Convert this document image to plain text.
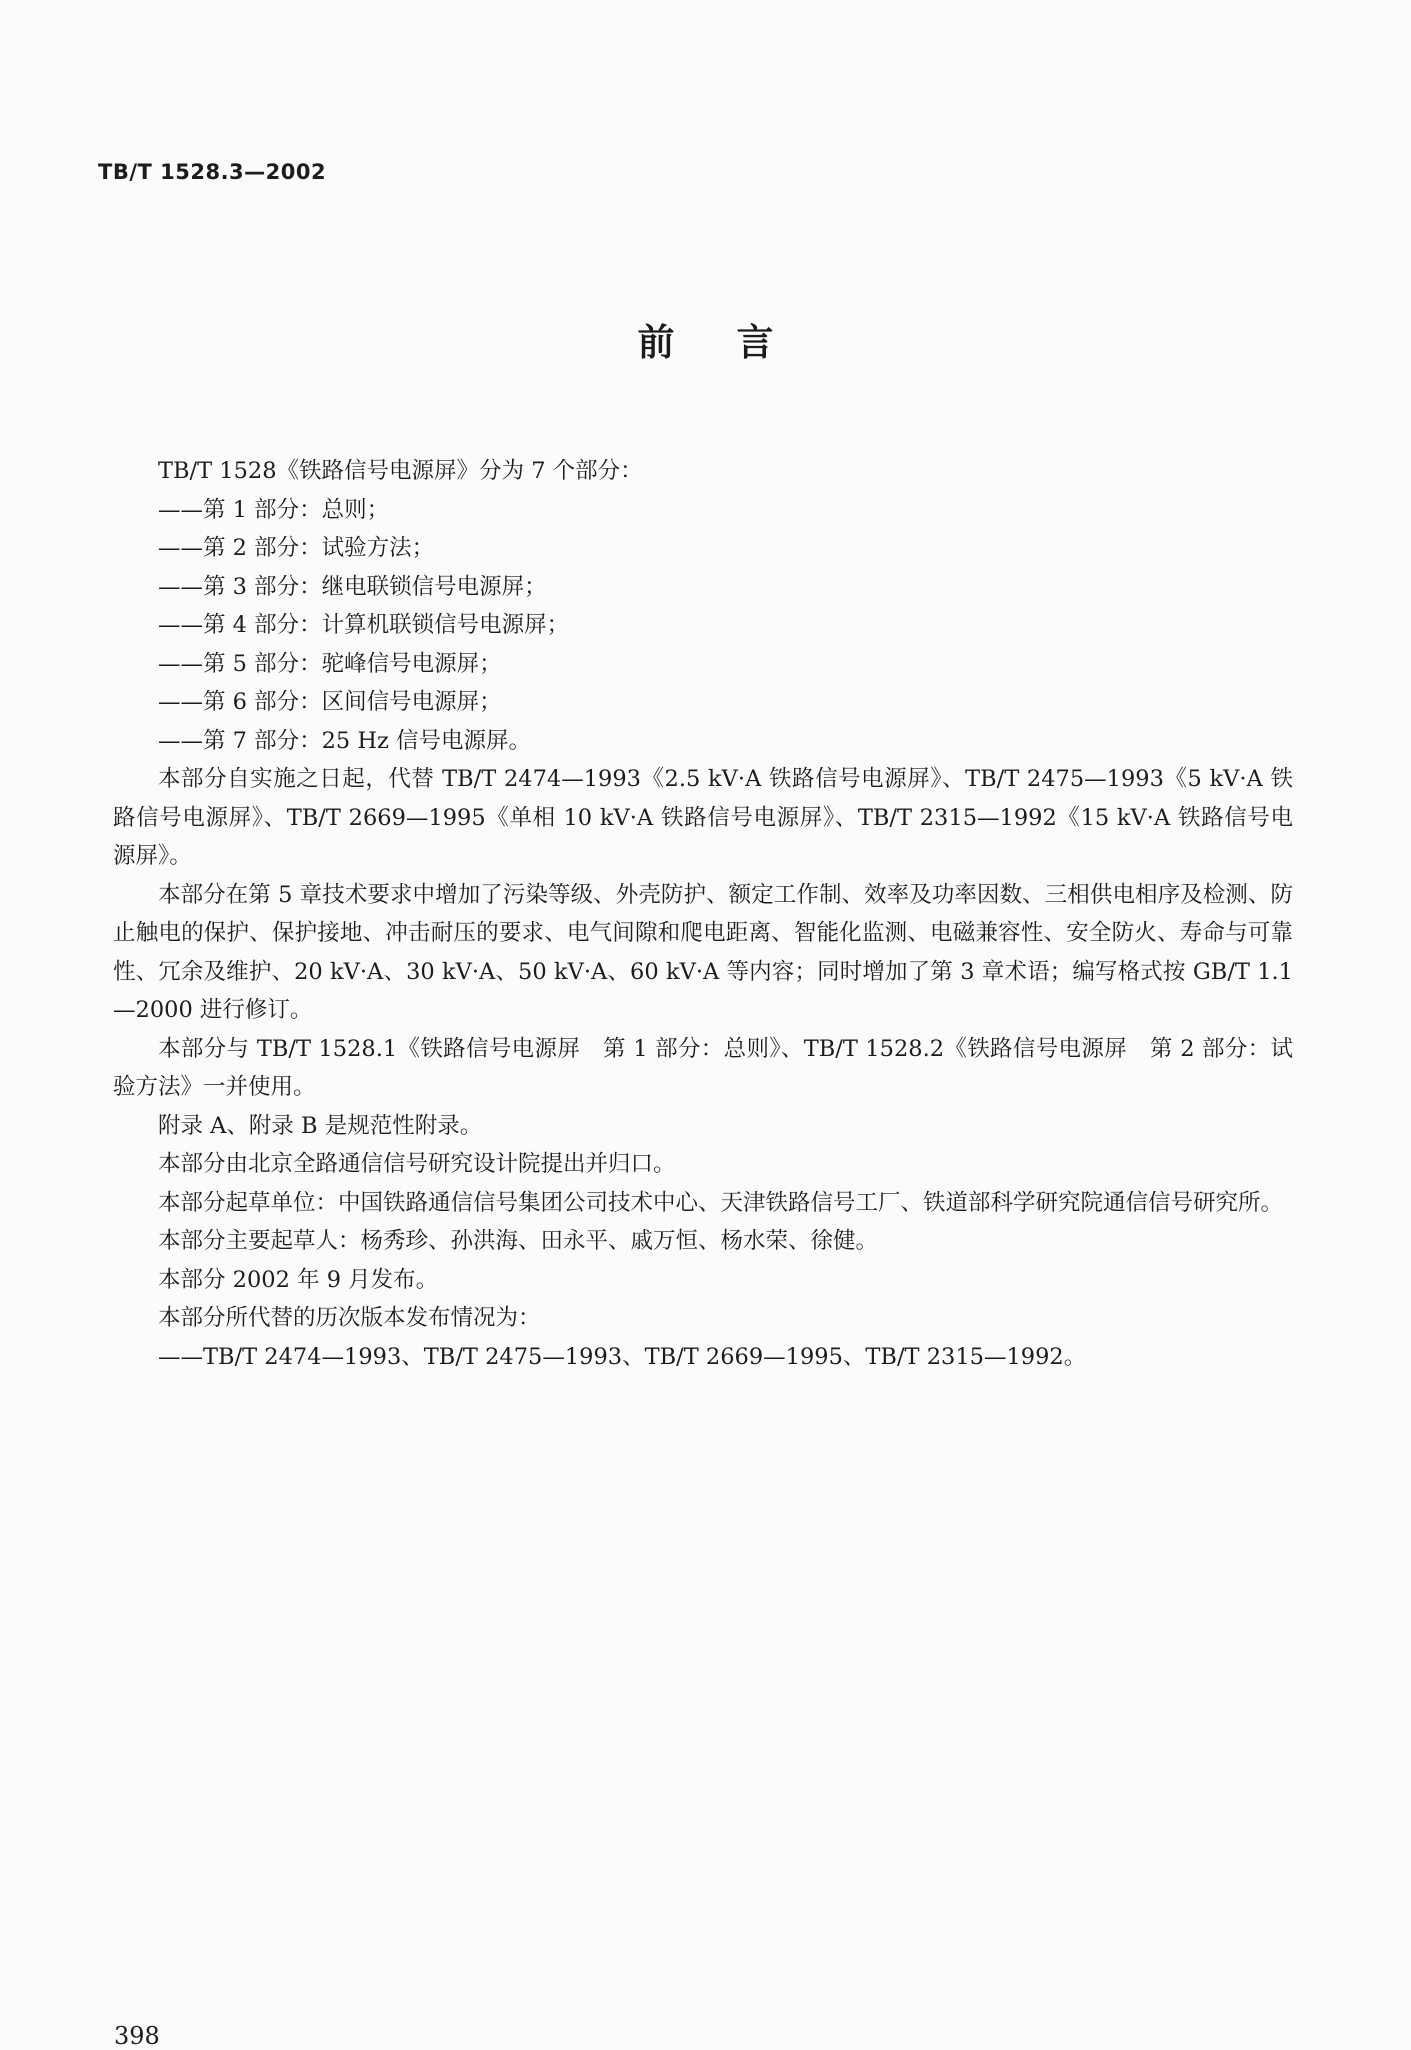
TB/T 1528.3—2002
前言

TB/T 1528《铁路信号电源屏》分为 7 个部分：

——第 1 部分：总则；

——第 2 部分：试验方法；

——第 3 部分：继电联锁信号电源屏；

——第 4 部分：计算机联锁信号电源屏；

——第 5 部分：驼峰信号电源屏；

——第 6 部分：区间信号电源屏；

——第 7 部分：25 Hz 信号电源屏。

本部分自实施之日起，代替 TB/T 2474—1993《2.5 kV·A 铁路信号电源屏》、TB/T 2475—1993《5 kV·A 铁路信号电源屏》、TB/T 2669—1995《单相 10 kV·A 铁路信号电源屏》、TB/T 2315—1992《15 kV·A 铁路信号电源屏》。

本部分在第 5 章技术要求中增加了污染等级、外壳防护、额定工作制、效率及功率因数、三相供电相序及检测、防止触电的保护、保护接地、冲击耐压的要求、电气间隙和爬电距离、智能化监测、电磁兼容性、安全防火、寿命与可靠性、冗余及维护、20 kV·A、30 kV·A、50 kV·A、60 kV·A 等内容；同时增加了第 3 章术语；编写格式按 GB/T 1.1—2000 进行修订。

本部分与 TB/T 1528.1《铁路信号电源屏　第 1 部分：总则》、TB/T 1528.2《铁路信号电源屏　第 2 部分：试验方法》一并使用。

附录 A、附录 B 是规范性附录。

本部分由北京全路通信信号研究设计院提出并归口。

本部分起草单位：中国铁路通信信号集团公司技术中心、天津铁路信号工厂、铁道部科学研究院通信信号研究所。

本部分主要起草人：杨秀珍、孙洪海、田永平、戚万恒、杨水荣、徐健。

本部分 2002 年 9 月发布。

本部分所代替的历次版本发布情况为：

——TB/T 2474—1993、TB/T 2475—1993、TB/T 2669—1995、TB/T 2315—1992。

398
